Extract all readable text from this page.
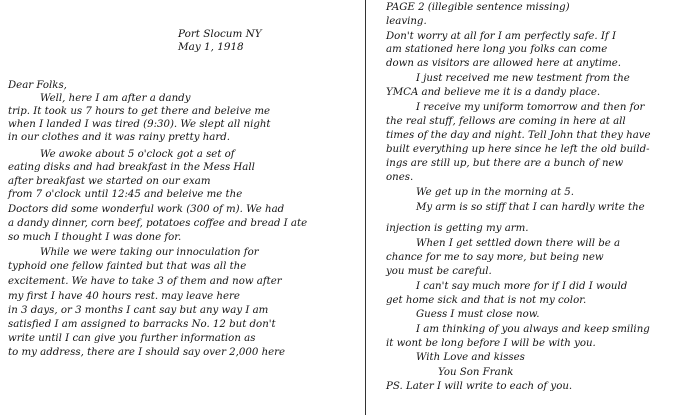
Port Slocum NY
May 1, 1918
Dear Folks,
Well, here I am after a dandy
trip. It took us 7 hours to get there and beleive me
when I landed I was tired (9:30). We slept all night
in our clothes and it was rainy pretty hard.
We awoke about 5 o'clock got a set of
eating disks and had breakfast in the Mess Hall
after breakfast we started on our exam
from 7 o'clock until 12:45 and beleive me the
Doctors did some wonderful work (300 of m). We had
a dandy dinner, corn beef, potatoes coffee and bread I ate
so much I thought I was done for.
While we were taking our innoculation for
typhoid one fellow fainted but that was all the
excitement. We have to take 3 of them and now after
my first I have 40 hours rest. may leave here
in 3 days, or 3 months I cant say but any way I am
satisfied I am assigned to barracks No. 12 but don't
write until I can give you further information as
to my address, there are I should say over 2,000 here
PAGE 2 (illegible sentence missing)
leaving.
Don't worry at all for I am perfectly safe. If I
am stationed here long you folks can come
down as visitors are allowed here at anytime.
I just received me new testment from the
YMCA and believe me it is a dandy place.
I receive my uniform tomorrow and then for
the real stuff, fellows are coming in here at all
times of the day and night. Tell John that they have
built everything up here since he left the old build-
ings are still up, but there are a bunch of new
ones.
We get up in the morning at 5.
My arm is so stiff that I can hardly write the
injection is getting my arm.
When I get settled down there will be a
chance for me to say more, but being new
you must be careful.
I can't say much more for if I did I would
get home sick and that is not my color.
Guess I must close now.
I am thinking of you always and keep smiling
it wont be long before I will be with you.
With Love and kisses
You Son Frank
PS. Later I will write to each of you.
